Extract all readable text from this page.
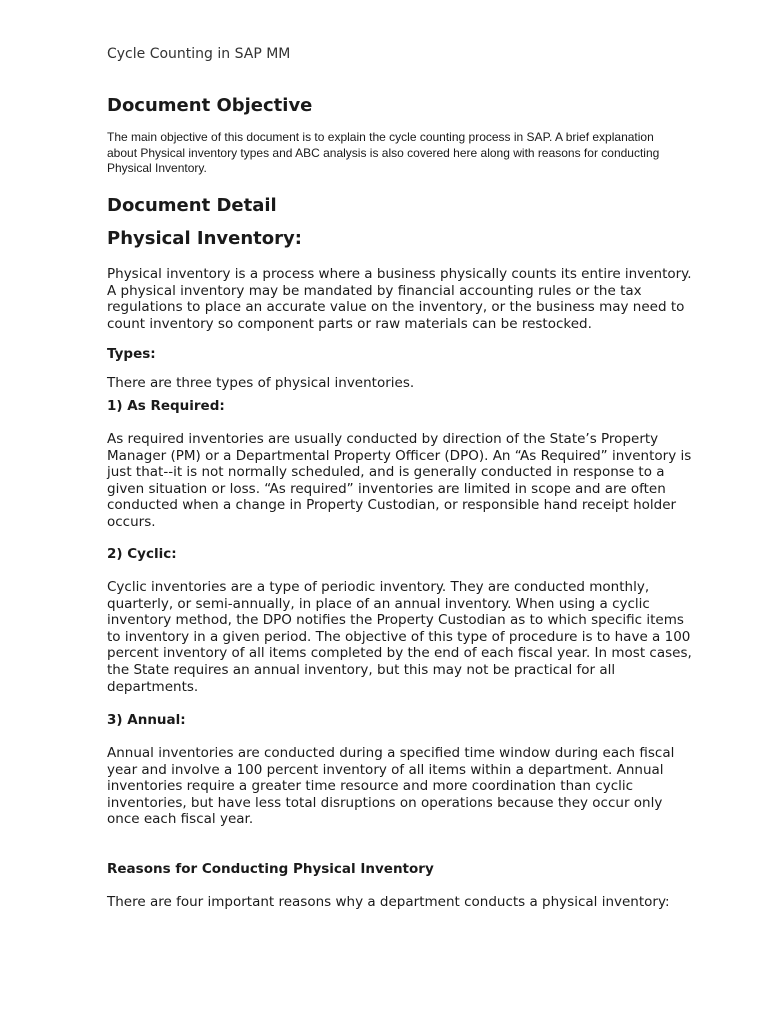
Cycle Counting in SAP MM

Document Objective

The main objective of this document is to explain the cycle counting process in SAP. A brief explanation about Physical inventory types and ABC analysis is also covered here along with reasons for conducting Physical Inventory.

Document Detail
Physical Inventory:

Physical inventory is a process where a business physically counts its entire inventory. A physical inventory may be mandated by financial accounting rules or the tax regulations to place an accurate value on the inventory, or the business may need to count inventory so component parts or raw materials can be restocked.

Types:

There are three types of physical inventories.

1) As Required:

As required inventories are usually conducted by direction of the State’s Property Manager (PM) or a Departmental Property Officer (DPO). An “As Required” inventory is just that--it is not normally scheduled, and is generally conducted in response to a given situation or loss. “As required” inventories are limited in scope and are often conducted when a change in Property Custodian, or responsible hand receipt holder occurs.

2) Cyclic:

Cyclic inventories are a type of periodic inventory. They are conducted monthly, quarterly, or semi-annually, in place of an annual inventory. When using a cyclic inventory method, the DPO notifies the Property Custodian as to which specific items to inventory in a given period. The objective of this type of procedure is to have a 100 percent inventory of all items completed by the end of each fiscal year. In most cases, the State requires an annual inventory, but this may not be practical for all departments.

3) Annual:

Annual inventories are conducted during a specified time window during each fiscal year and involve a 100 percent inventory of all items within a department. Annual inventories require a greater time resource and more coordination than cyclic inventories, but have less total disruptions on operations because they occur only once each fiscal year.

Reasons for Conducting Physical Inventory

There are four important reasons why a department conducts a physical inventory:
